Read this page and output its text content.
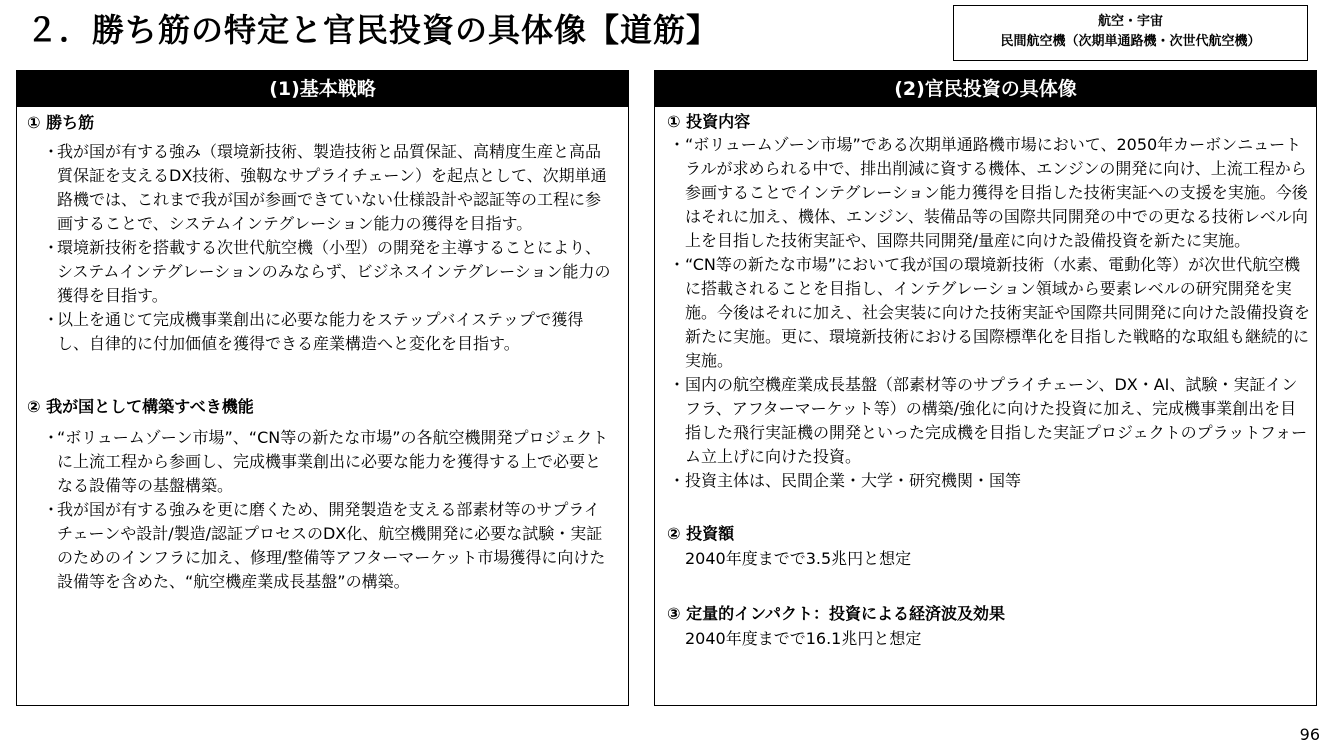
２．勝ち筋の特定と官民投資の具体像【道筋】	航空・宇宙
民間航空機（次期単通路機・次世代航空機）
(1)基本戦略
① 勝ち筋
・
我が国が有する強み（環境新技術、製造技術と品質保証、高精度生産と高品質保証を支えるDX技術、強靱なサプライチェーン）を起点として、次期単通路機では、これまで我が国が参画できていない仕様設計や認証等の工程に参画することで、システムインテグレーション能力の獲得を目指す。
・
環境新技術を搭載する次世代航空機（小型）の開発を主導することにより、システムインテグレーションのみならず、ビジネスインテグレーション能力の獲得を目指す。
・
以上を通じて完成機事業創出に必要な能力をステップバイステップで獲得し、自律的に付加価値を獲得できる産業構造へと変化を目指す。
② 我が国として構築すべき機能
・
“ボリュームゾーン市場”、“CN等の新たな市場”の各航空機開発プロジェクトに上流工程から参画し、完成機事業創出に必要な能力を獲得する上で必要となる設備等の基盤構築。
・
我が国が有する強みを更に磨くため、開発製造を支える部素材等のサプライチェーンや設計/製造/認証プロセスのDX化、航空機開発に必要な試験・実証のためのインフラに加え、修理/整備等アフターマーケット市場獲得に向けた設備等を含めた、“航空機産業成長基盤”の構築。
(2)官民投資の具体像
① 投資内容
・ “ボリュームゾーン市場”である次期単通路機市場において、2050年カーボンニュートラルが求められる中で、排出削減に資する機体、エンジンの開発に向け、上流工程から参画することでインテグレーション能力獲得を目指した技術実証への支援を実施。今後はそれに加え、機体、エンジン、装備品等の国際共同開発の中での更なる技術レベル向上を目指した技術実証や、国際共同開発/量産に向けた設備投資を新たに実施。
・ “CN等の新たな市場”において我が国の環境新技術（水素、電動化等）が次世代航空機に搭載されることを目指し、インテグレーション領域から要素レベルの研究開発を実施。今後はそれに加え、社会実装に向けた技術実証や国際共同開発に向けた設備投資を新たに実施。更に、環境新技術における国際標準化を目指した戦略的な取組も継続的に実施。
・ 国内の航空機産業成長基盤（部素材等のサプライチェーン、DX・AI、試験・実証インフラ、アフターマーケット等）の構築/強化に向けた投資に加え、完成機事業創出を目指した飛行実証機の開発といった完成機を目指した実証プロジェクトのプラットフォーム立上げに向けた投資。
・ 投資主体は、民間企業・大学・研究機関・国等
② 投資額
2040年度までで3.5兆円と想定
③ 定量的インパクト：投資による経済波及効果
2040年度までで16.1兆円と想定
96
